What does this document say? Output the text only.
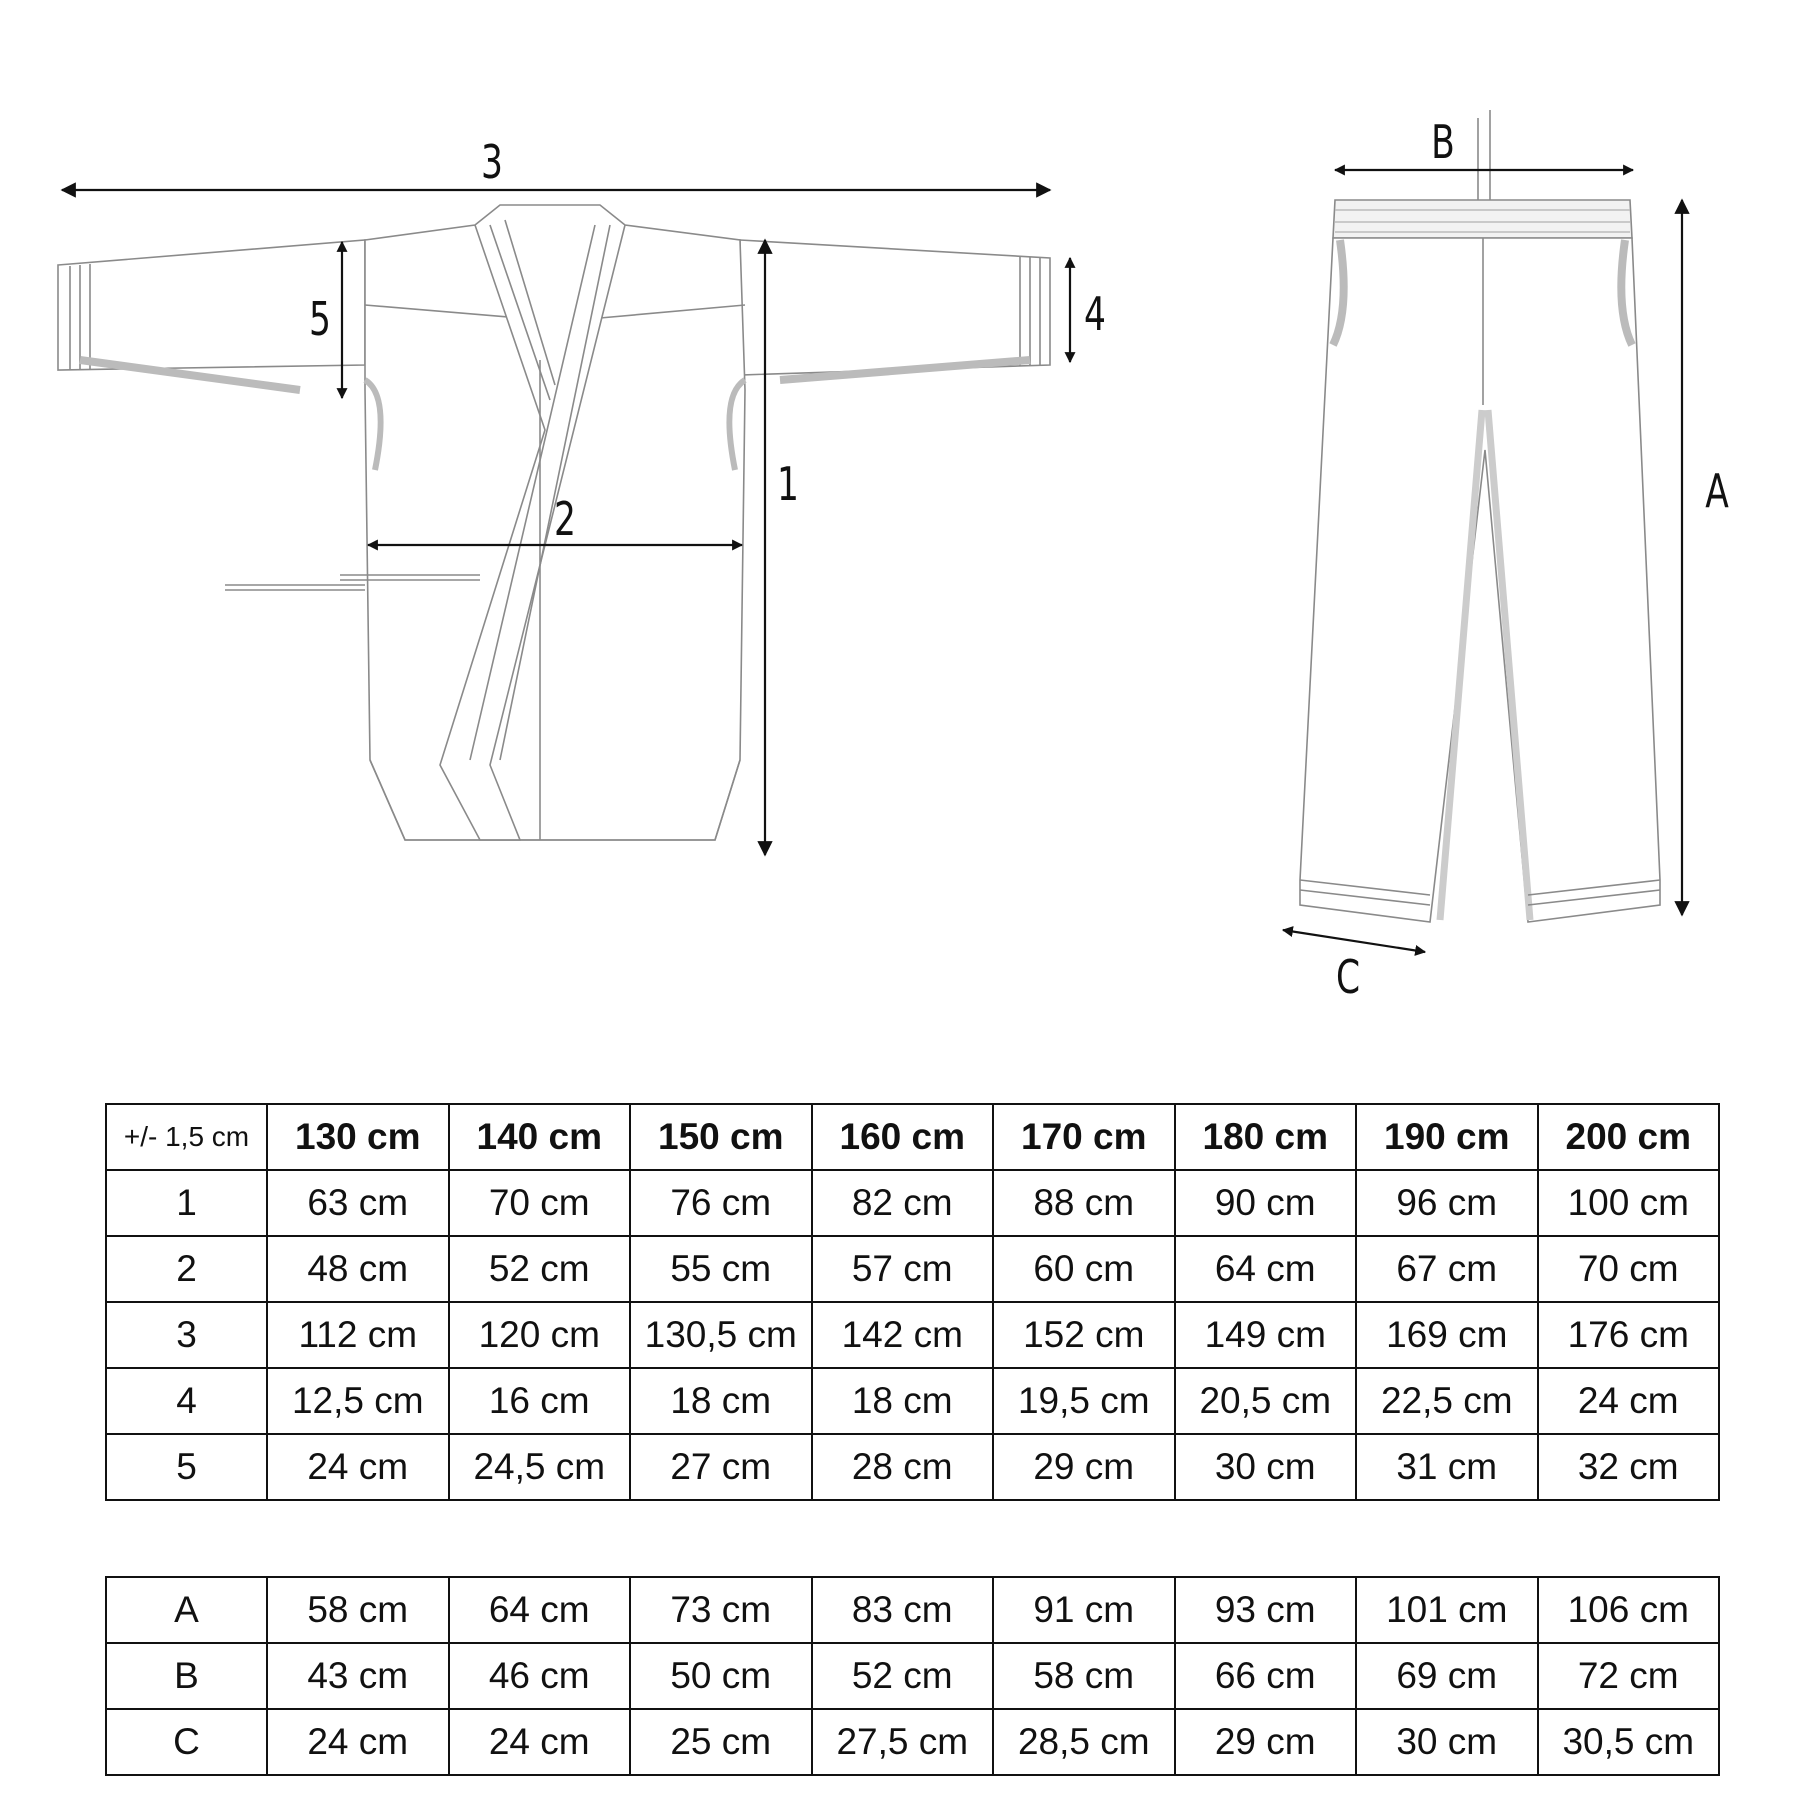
3
1
2
4
5
B
A
C
+/- 1,5 cm	130 cm	140 cm	150 cm	160 cm	170 cm	180 cm	190 cm	200 cm
1	63 cm	70 cm	76 cm	82 cm	88 cm	90 cm	96 cm	100 cm
2	48 cm	52 cm	55 cm	57 cm	60 cm	64 cm	67 cm	70 cm
3	112 cm	120 cm	130,5 cm	142 cm	152 cm	149 cm	169 cm	176 cm
4	12,5 cm	16 cm	18 cm	18 cm	19,5 cm	20,5 cm	22,5 cm	24 cm
5	24 cm	24,5 cm	27 cm	28 cm	29 cm	30 cm	31 cm	32 cm
A	58 cm	64 cm	73 cm	83 cm	91 cm	93 cm	101 cm	106 cm
B	43 cm	46 cm	50 cm	52 cm	58 cm	66 cm	69 cm	72 cm
C	24 cm	24 cm	25 cm	27,5 cm	28,5 cm	29 cm	30 cm	30,5 cm
